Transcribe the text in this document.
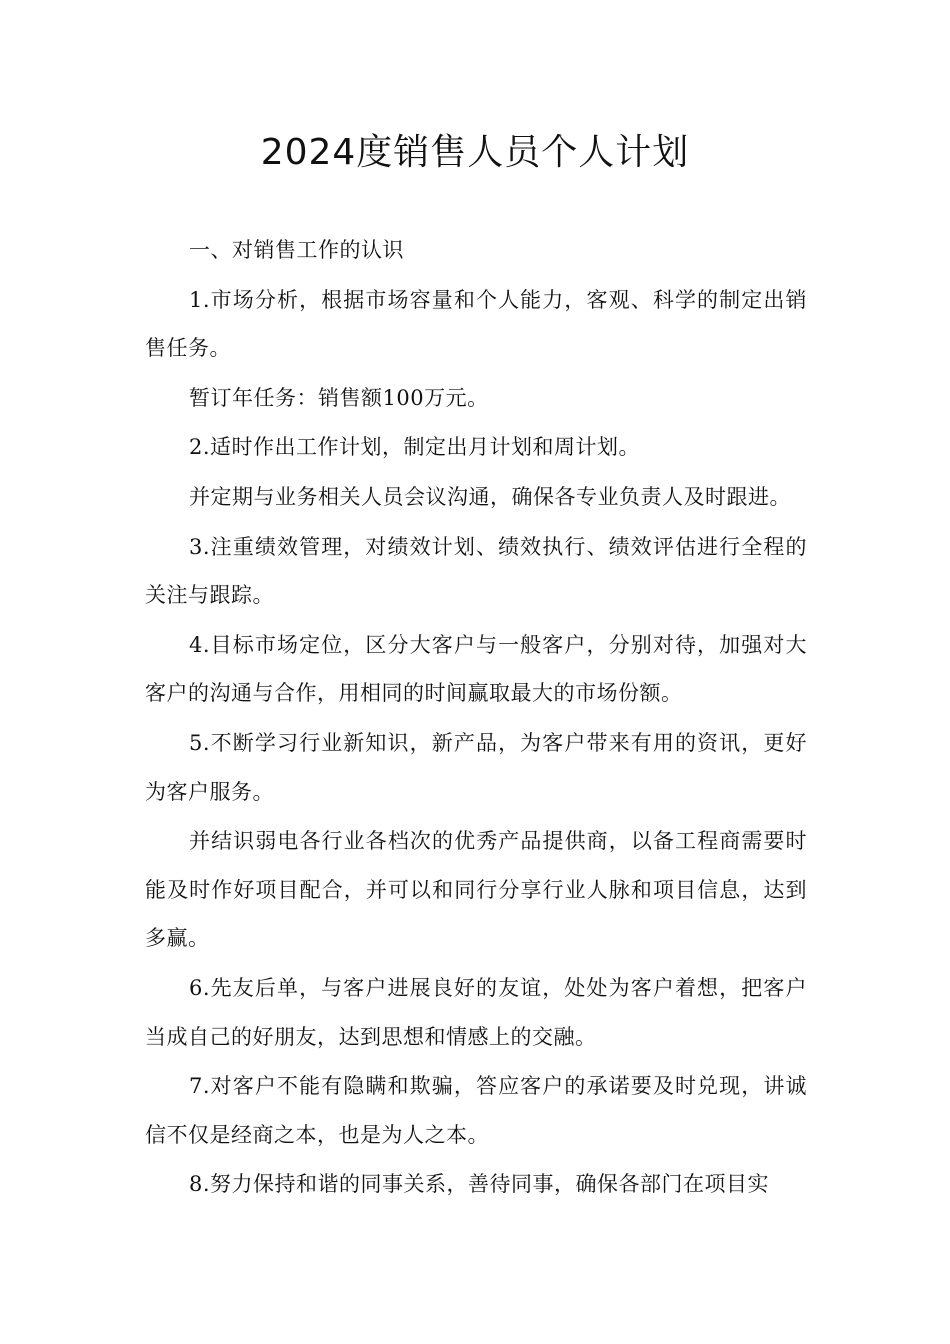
2024度销售人员个人计划

一、对销售工作的认识

1.市场分析，根据市场容量和个人能力，客观、科学的制定出销售任务。

暂订年任务：销售额100万元。

2.适时作出工作计划，制定出月计划和周计划。

并定期与业务相关人员会议沟通，确保各专业负责人及时跟进。

3.注重绩效管理，对绩效计划、绩效执行、绩效评估进行全程的关注与跟踪。

4.目标市场定位，区分大客户与一般客户，分别对待，加强对大客户的沟通与合作，用相同的时间赢取最大的市场份额。

5.不断学习行业新知识，新产品，为客户带来有用的资讯，更好为客户服务。

并结识弱电各行业各档次的优秀产品提供商，以备工程商需要时能及时作好项目配合，并可以和同行分享行业人脉和项目信息，达到多赢。

6.先友后单，与客户进展良好的友谊，处处为客户着想，把客户当成自己的好朋友，达到思想和情感上的交融。

7.对客户不能有隐瞒和欺骗，答应客户的承诺要及时兑现，讲诚信不仅是经商之本，也是为人之本。

8.努力保持和谐的同事关系，善待同事，确保各部门在项目实
